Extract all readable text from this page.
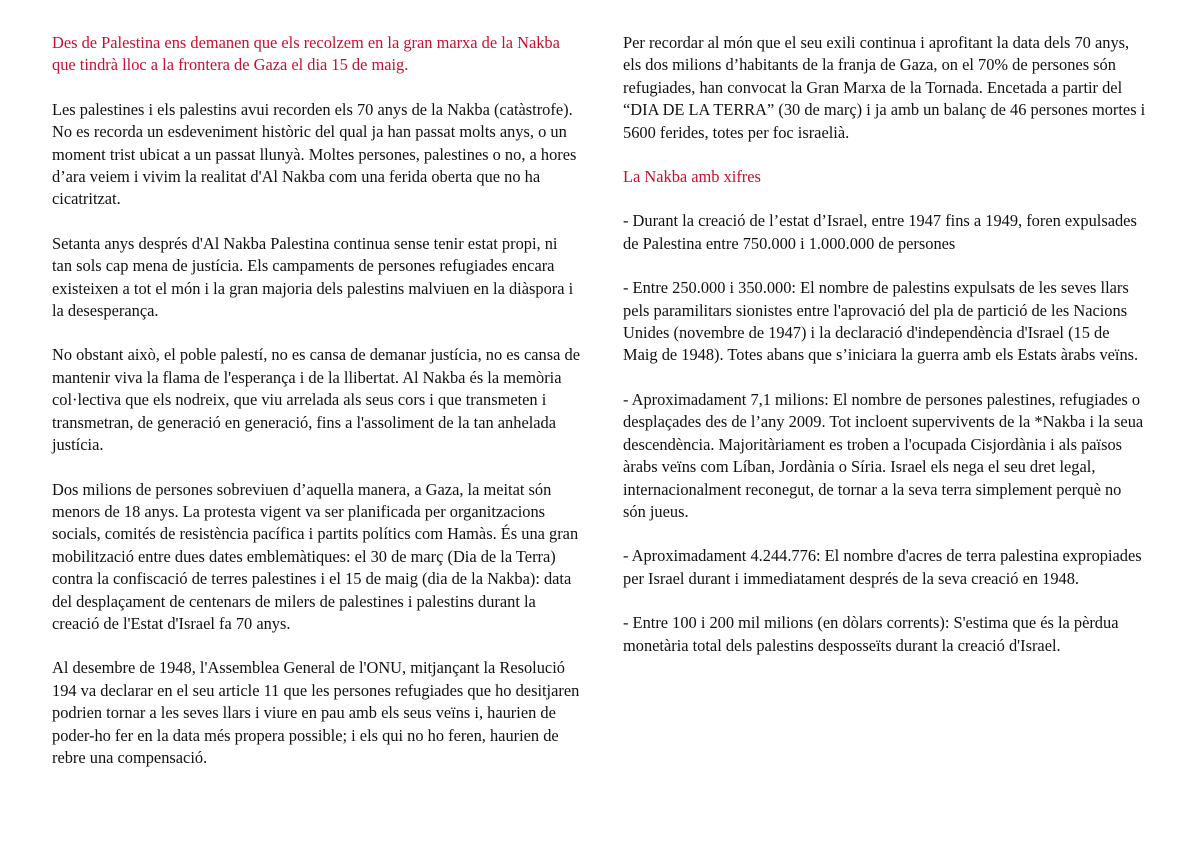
Des de Palestina ens demanen que els recolzem en la gran marxa de la Nakba que tindrà lloc a la frontera de Gaza el dia 15 de maig.

Les palestines i els palestins avui recorden els 70 anys de la Nakba (catàstrofe). No es recorda un esdeveniment històric del qual ja han passat molts anys, o un moment trist ubicat a un passat llunyà. Moltes persones, palestines o no, a hores d’ara veiem i vivim la realitat d'Al Nakba com una ferida oberta que no ha cicatritzat.

Setanta anys després d'Al Nakba Palestina continua sense tenir estat propi, ni tan sols cap mena de justícia. Els campaments de persones refugiades encara existeixen a tot el món i la gran majoria dels palestins malviuen en la diàspora i la desesperança.

No obstant això, el poble palestí, no es cansa de demanar justícia, no es cansa de mantenir viva la flama de l'esperança i de la llibertat. Al Nakba és la memòria col·lectiva que els nodreix, que viu arrelada als seus cors i que transmeten i transmetran, de generació en generació, fins a l'assoliment de la tan anhelada justícia.

Dos milions de persones sobreviuen d’aquella manera, a Gaza, la meitat són menors de 18 anys. La protesta vigent va ser planificada per organitzacions socials, comités de resistència pacífica i partits polítics com Hamàs. És una gran mobilització entre dues dates emblemàtiques: el 30 de març (Dia de la Terra) contra la confiscació de terres palestines i el 15 de maig (dia de la Nakba): data del desplaçament de centenars de milers de palestines i palestins durant la creació de l'Estat d'Israel fa 70 anys.

Al desembre de 1948, l'Assemblea General de l'ONU, mitjançant la Resolució 194 va declarar en el seu article 11 que les persones refugiades que ho desitjaren podrien tornar a les seves llars i viure en pau amb els seus veïns i, haurien de poder-ho fer en la data més propera possible; i els qui no ho feren, haurien de rebre una compensació.

Per recordar al món que el seu exili continua i aprofitant la data dels 70 anys, els dos milions d’habitants de la franja de Gaza, on el 70% de persones són refugiades, han convocat la Gran Marxa de la Tornada. Encetada a partir del “DIA DE LA TERRA” (30 de març) i ja amb un balanç de 46 persones mortes i 5600 ferides, totes per foc israelià.

La Nakba amb xifres

- Durant la creació de l’estat d’Israel, entre 1947 fins a 1949, foren expulsades de Palestina entre 750.000 i 1.000.000 de persones

- Entre 250.000 i 350.000: El nombre de palestins expulsats de les seves llars pels paramilitars sionistes entre l'aprovació del pla de partició de les Nacions Unides (novembre de 1947) i la declaració d'independència d'Israel (15 de Maig de 1948). Totes abans que s’iniciara la guerra amb els Estats àrabs veïns.

- Aproximadament 7,1 milions: El nombre de persones palestines, refugiades o desplaçades des de l’any 2009. Tot incloent supervivents de la *Nakba i la seua descendència. Majoritàriament es troben a l'ocupada Cisjordània i als països àrabs veïns com Líban, Jordània o Síria. Israel els nega el seu dret legal, internacionalment reconegut, de tornar a la seva terra simplement perquè no són jueus.

- Aproximadament 4.244.776: El nombre d'acres de terra palestina expropiades per Israel durant i immediatament després de la seva creació en 1948.

- Entre 100 i 200 mil milions (en dòlars corrents): S'estima que és la pèrdua monetària total dels palestins desposseïts durant la creació d'Israel.
